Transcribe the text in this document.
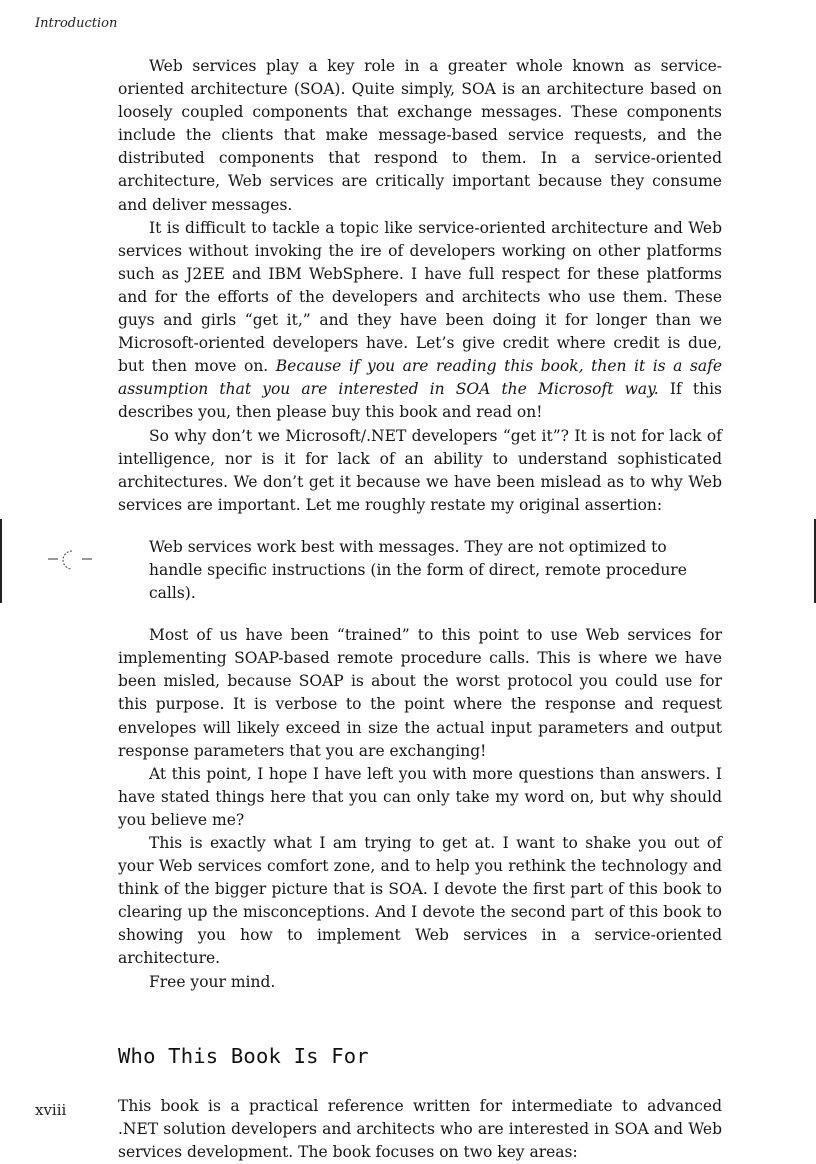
Introduction

Web services play a key role in a greater whole known as service-oriented architecture (SOA). Quite simply, SOA is an architecture based on loosely coupled components that exchange messages. These components include the clients that make message-based service requests, and the distributed components that respond to them. In a service-oriented architecture, Web services are critically important because they consume and deliver messages.

It is difficult to tackle a topic like service-oriented architecture and Web services without invoking the ire of developers working on other platforms such as J2EE and IBM WebSphere. I have full respect for these platforms and for the efforts of the developers and architects who use them. These guys and girls “get it,” and they have been doing it for longer than we Microsoft-oriented developers have. Let’s give credit where credit is due, but then move on. Because if you are reading this book, then it is a safe assumption that you are interested in SOA the Microsoft way. If this describes you, then please buy this book and read on!

So why don’t we Microsoft/.NET developers “get it”? It is not for lack of intelligence, nor is it for lack of an ability to understand sophisticated architectures. We don’t get it because we have been mislead as to why Web services are important. Let me roughly restate my original assertion:

Web services work best with messages. They are not optimized to handle specific instructions (in the form of direct, remote procedure calls).

Most of us have been “trained” to this point to use Web services for implementing SOAP-based remote procedure calls. This is where we have been misled, because SOAP is about the worst protocol you could use for this purpose. It is verbose to the point where the response and request envelopes will likely exceed in size the actual input parameters and output response parameters that you are exchanging!

At this point, I hope I have left you with more questions than answers. I have stated things here that you can only take my word on, but why should you believe me?

This is exactly what I am trying to get at. I want to shake you out of your Web services comfort zone, and to help you rethink the technology and think of the bigger picture that is SOA. I devote the first part of this book to clearing up the misconceptions. And I devote the second part of this book to showing you how to implement Web services in a service-oriented architecture.

Free your mind.

Who This Book Is For

This book is a practical reference written for intermediate to advanced .NET solution developers and architects who are interested in SOA and Web services development. The book focuses on two key areas:

xviii
